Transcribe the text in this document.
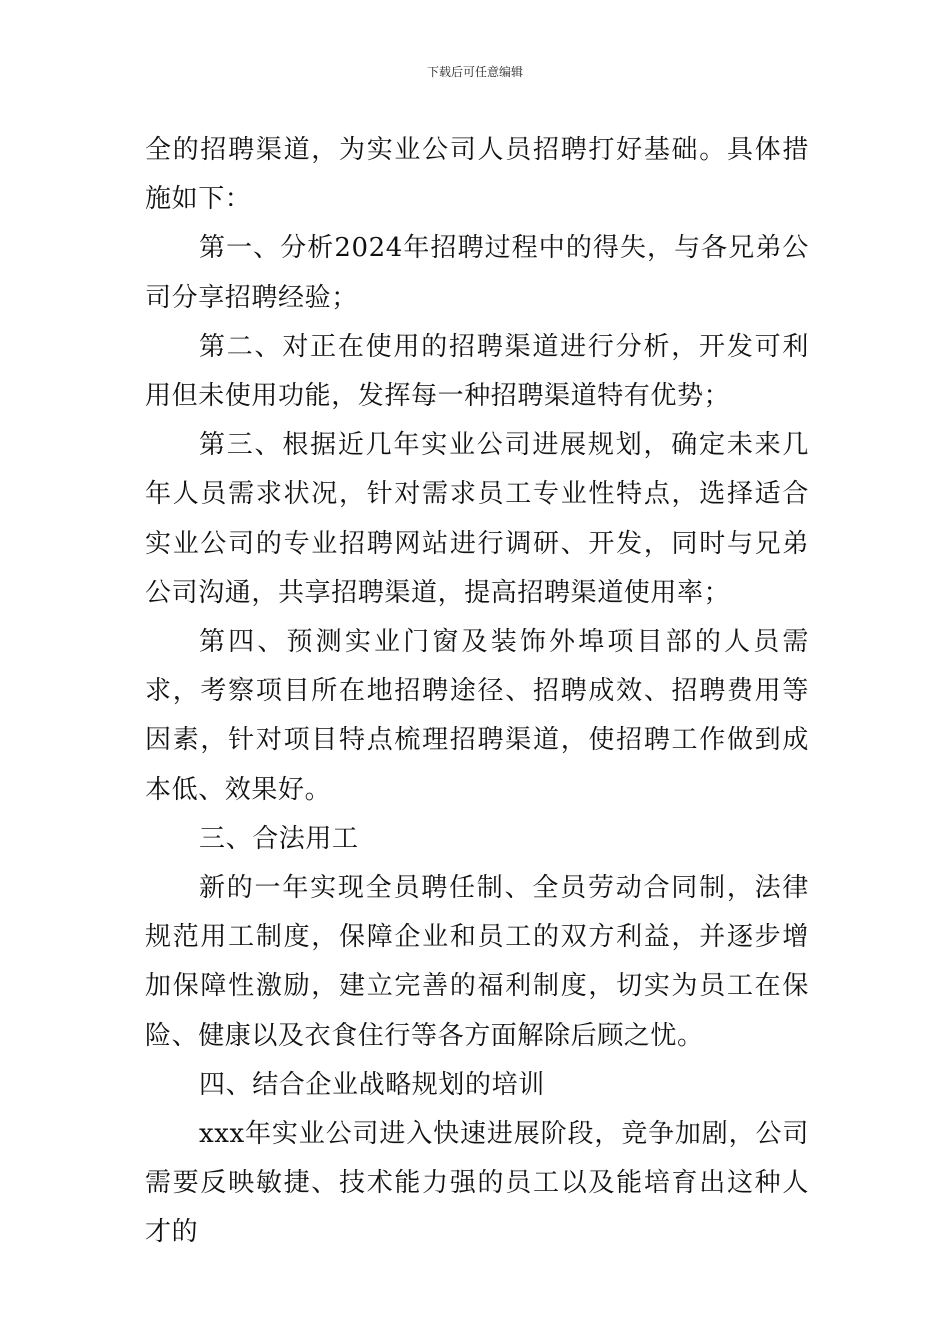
下载后可任意编辑

全的招聘渠道，为实业公司人员招聘打好基础。具体措施如下：

第一、分析2024年招聘过程中的得失，与各兄弟公司分享招聘经验；

第二、对正在使用的招聘渠道进行分析，开发可利用但未使用功能，发挥每一种招聘渠道特有优势；

第三、根据近几年实业公司进展规划，确定未来几年人员需求状况，针对需求员工专业性特点，选择适合实业公司的专业招聘网站进行调研、开发，同时与兄弟公司沟通，共享招聘渠道，提高招聘渠道使用率；

第四、预测实业门窗及装饰外埠项目部的人员需求，考察项目所在地招聘途径、招聘成效、招聘费用等因素，针对项目特点梳理招聘渠道，使招聘工作做到成本低、效果好。

三、合法用工

新的一年实现全员聘任制、全员劳动合同制，法律规范用工制度，保障企业和员工的双方利益，并逐步增加保障性激励，建立完善的福利制度，切实为员工在保险、健康以及衣食住行等各方面解除后顾之忧。

四、结合企业战略规划的培训

xxx年实业公司进入快速进展阶段，竞争加剧，公司需要反映敏捷、技术能力强的员工以及能培育出这种人才的
